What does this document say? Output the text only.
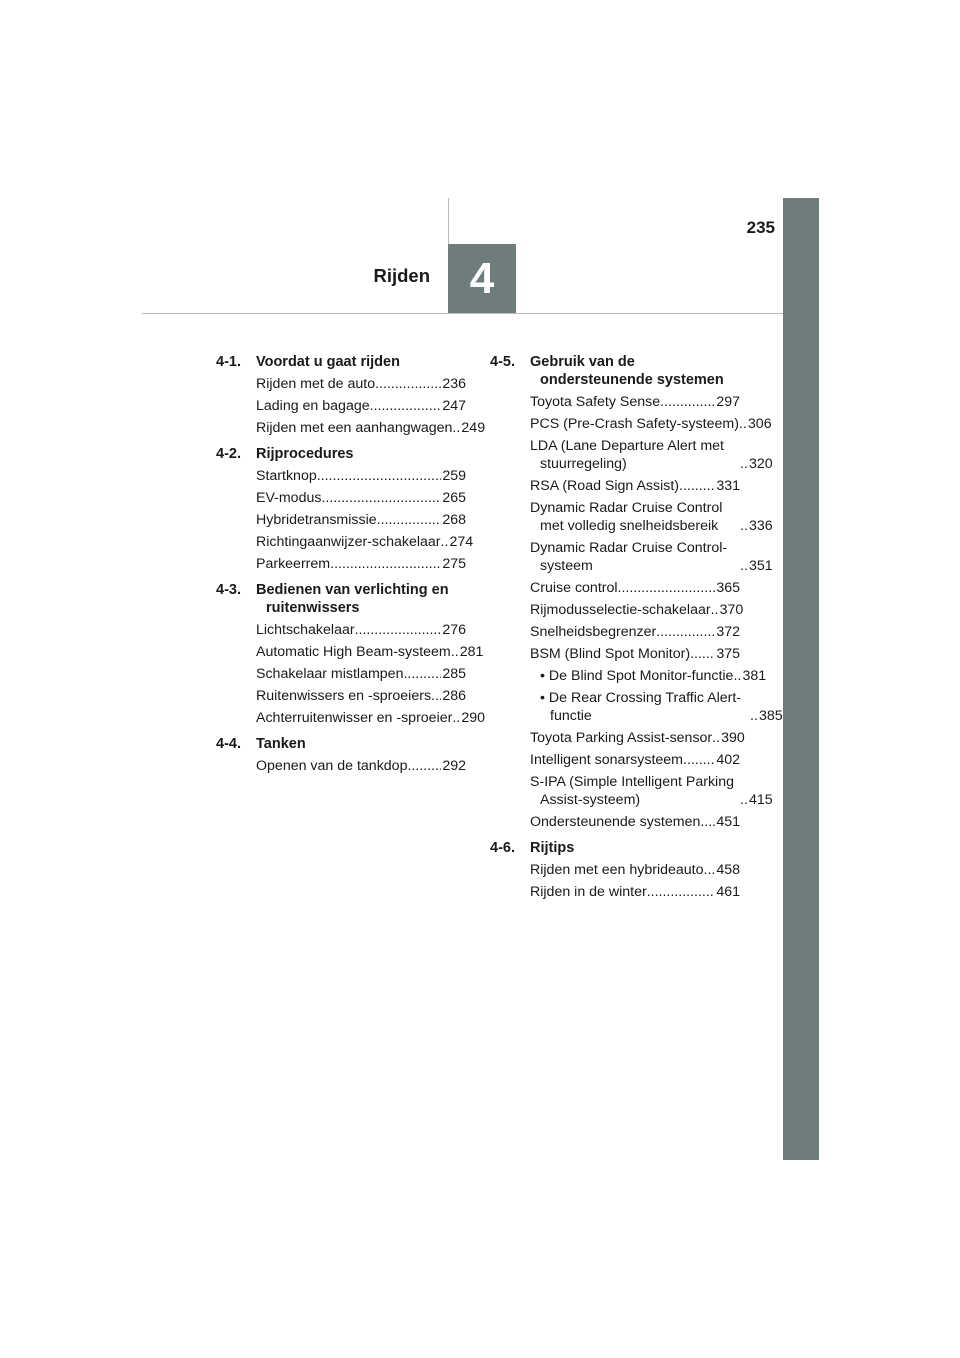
235
Rijden 4
4-1.	Voordat u gaat rijden
Rijden met de auto .....	236
Lading en bagage .....	247
Rijden met een aanhangwagen ..... 249
4-2.	Rijprocedures
Startknop .....	259
EV-modus .....	265
Hybridetransmissie .....	268
Richtingaanwijzer-schakelaar ..... 274
Parkeerrem .....	275
4-3.	Bedienen van verlichting en ruitenwissers
Lichtschakelaar .....	276
Automatic High Beam-systeem ..... 281
Schakelaar mistlampen .....	285
Ruitenwissers en -sproeiers ..... 286
Achterruitenwisser en -sproeier ..... 290
4-4.	Tanken
Openen van de tankdop ..... 292
4-5.	Gebruik van de ondersteunende systemen
Toyota Safety Sense .....	297
PCS (Pre-Crash Safety-systeem) ..... 306
LDA (Lane Departure Alert met stuurregeling) .....	320
RSA (Road Sign Assist) .....	331
Dynamic Radar Cruise Control met volledig snelheidsbereik .....	336
Dynamic Radar Cruise Control-systeem .....	351
Cruise control .....	365
Rijmodusselectie-schakelaar ..... 370
Snelheidsbegrenzer .....	372
BSM (Blind Spot Monitor) ..... 375
• De Blind Spot Monitor-functie ..... 381
• De Rear Crossing Traffic Alert-functie .....	385
Toyota Parking Assist-sensor ..... 390
Intelligent sonarsysteem ..... 402
S-IPA (Simple Intelligent Parking Assist-systeem) .....	415
Ondersteunende systemen ..... 451
4-6.	Rijtips
Rijden met een hybrideauto ..... 458
Rijden in de winter .....	461
